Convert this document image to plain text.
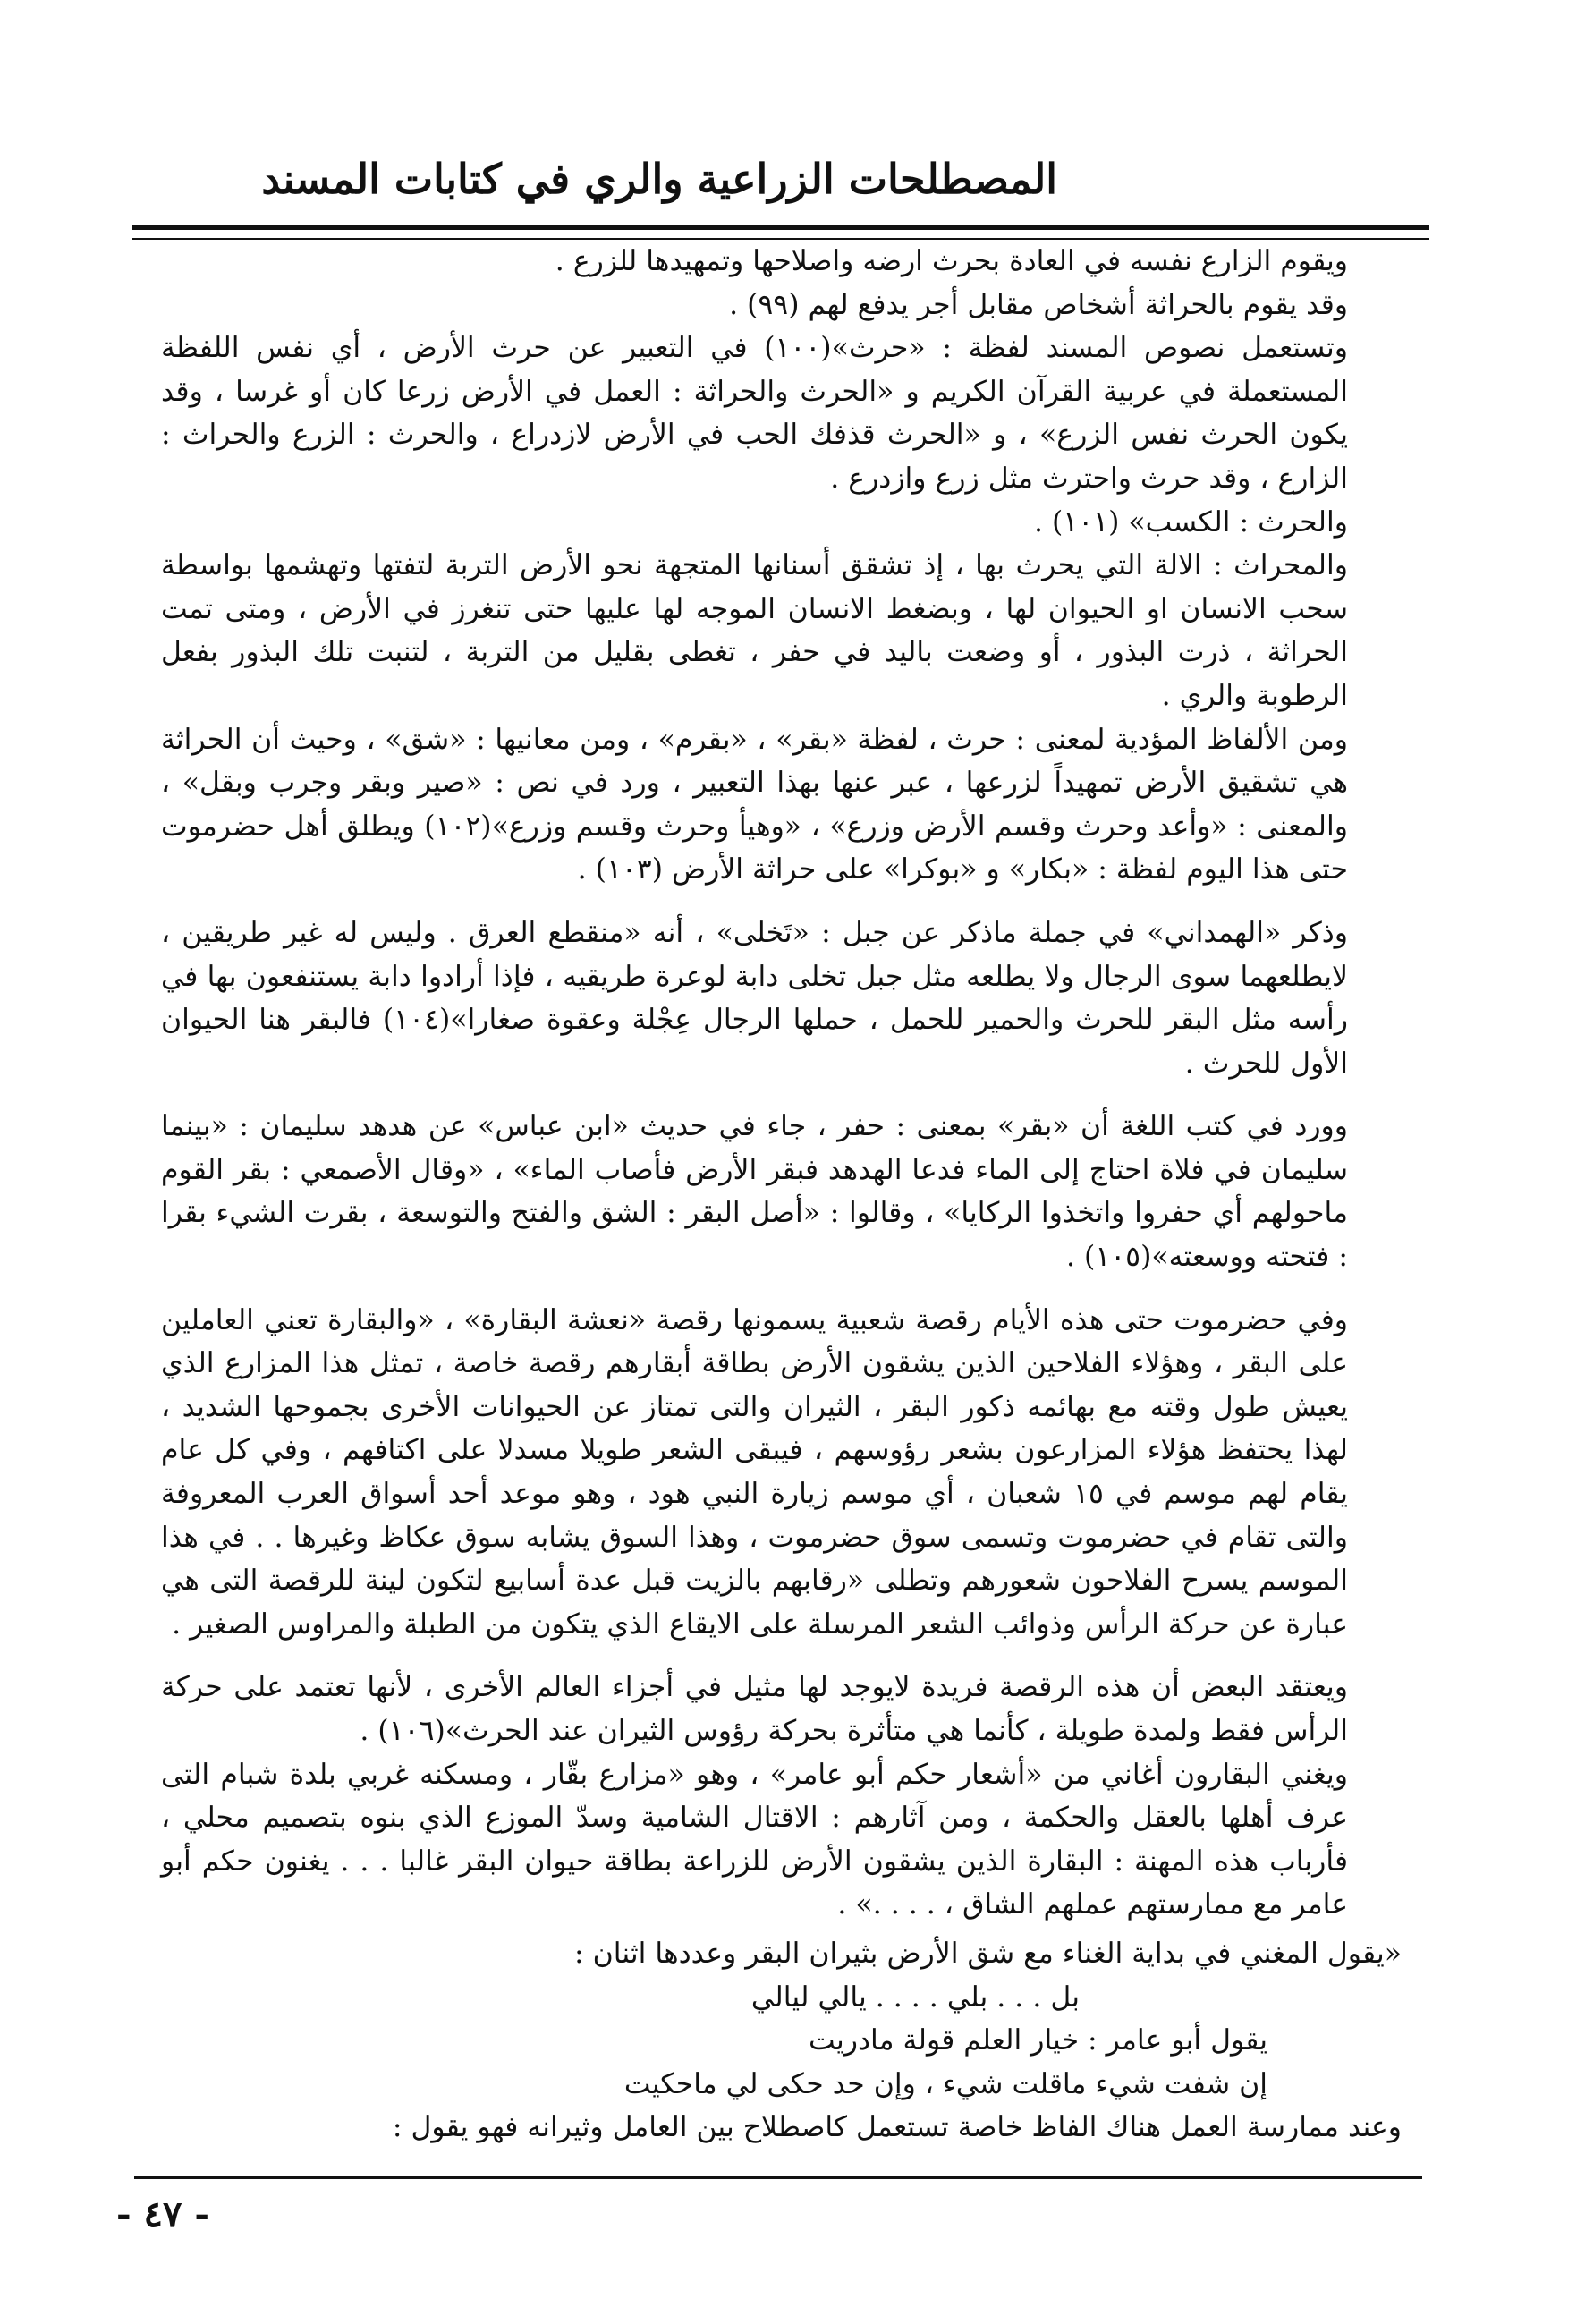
المصطلحات الزراعية والري في كتابات المسند

ويقوم الزارع نفسه في العادة بحرث ارضه واصلاحها وتمهيدها للزرع .

وقد يقوم بالحراثة أشخاص مقابل أجر يدفع لهم (٩٩) .

وتستعمل نصوص المسند لفظة : «حرث»(١٠٠) في التعبير عن حرث الأرض ، أي نفس اللفظة المستعملة في عربية القرآن الكريم و «الحرث والحراثة : العمل في الأرض زرعا كان أو غرسا ، وقد يكون الحرث نفس الزرع» ، و «الحرث قذفك الحب في الأرض لازدراع ، والحرث : الزرع والحراث : الزارع ، وقد حرث واحترث مثل زرع وازدرع .

والحرث : الكسب» (١٠١) .

والمحراث : الالة التي يحرث بها ، إذ تشقق أسنانها المتجهة نحو الأرض التربة لتفتها وتهشمها بواسطة سحب الانسان او الحيوان لها ، وبضغط الانسان الموجه لها عليها حتى تنغرز في الأرض ، ومتى تمت الحراثة ، ذرت البذور ، أو وضعت باليد في حفر ، تغطى بقليل من التربة ، لتنبت تلك البذور بفعل الرطوبة والري .

ومن الألفاظ المؤدية لمعنى : حرث ، لفظة «بقر» ، «بقرم» ، ومن معانيها : «شق» ، وحيث أن الحراثة هي تشقيق الأرض تمهيداً لزرعها ، عبر عنها بهذا التعبير ، ورد في نص : «صير وبقر وجرب وبقل» ، والمعنى : «وأعد وحرث وقسم الأرض وزرع» ، «وهيأ وحرث وقسم وزرع»(١٠٢) ويطلق أهل حضرموت حتى هذا اليوم لفظة : «بكار» و «بوكرا» على حراثة الأرض (١٠٣) .

وذكر «الهمداني» في جملة ماذكر عن جبل : «تَخلى» ، أنه «منقطع العرق . وليس له غير طريقين ، لايطلعهما سوى الرجال ولا يطلعه مثل جبل تخلى دابة لوعرة طريقيه ، فإذا أرادوا دابة يستنفعون بها في رأسه مثل البقر للحرث والحمير للحمل ، حملها الرجال عِجْلة وعقوة صغارا»(١٠٤) فالبقر هنا الحيوان الأول للحرث .

وورد في كتب اللغة أن «بقر» بمعنى : حفر ، جاء في حديث «ابن عباس» عن هدهد سليمان : «بينما سليمان في فلاة احتاج إلى الماء فدعا الهدهد فبقر الأرض فأصاب الماء» ، «وقال الأصمعي : بقر القوم ماحولهم أي حفروا واتخذوا الركايا» ، وقالوا : «أصل البقر : الشق والفتح والتوسعة ، بقرت الشيء بقرا : فتحته ووسعته»(١٠٥) .

وفي حضرموت حتى هذه الأيام رقصة شعبية يسمونها رقصة «نعشة البقارة» ، «والبقارة تعني العاملين على البقر ، وهؤلاء الفلاحين الذين يشقون الأرض بطاقة أبقارهم رقصة خاصة ، تمثل هذا المزارع الذي يعيش طول وقته مع بهائمه ذكور البقر ، الثيران والتى تمتاز عن الحيوانات الأخرى بجموحها الشديد ، لهذا يحتفظ هؤلاء المزارعون بشعر رؤوسهم ، فيبقى الشعر طويلا مسدلا على اكتافهم ، وفي كل عام يقام لهم موسم في ١٥ شعبان ، أي موسم زيارة النبي هود ، وهو موعد أحد أسواق العرب المعروفة والتى تقام في حضرموت وتسمى سوق حضرموت ، وهذا السوق يشابه سوق عكاظ وغيرها . . في هذا الموسم يسرح الفلاحون شعورهم وتطلى «رقابهم بالزيت قبل عدة أسابيع لتكون لينة للرقصة التى هي عبارة عن حركة الرأس وذوائب الشعر المرسلة على الايقاع الذي يتكون من الطبلة والمراوس الصغير .

ويعتقد البعض أن هذه الرقصة فريدة لايوجد لها مثيل في أجزاء العالم الأخرى ، لأنها تعتمد على حركة الرأس فقط ولمدة طويلة ، كأنما هي متأثرة بحركة رؤوس الثيران عند الحرث»(١٠٦) .

ويغني البقارون أغاني من «أشعار حكم أبو عامر» ، وهو «مزارع بقّار ، ومسكنه غربي بلدة شبام التى عرف أهلها بالعقل والحكمة ، ومن آثارهم : الاقتال الشامية وسدّ الموزع الذي بنوه بتصميم محلي ، فأرباب هذه المهنة : البقارة الذين يشقون الأرض للزراعة بطاقة حيوان البقر غالبا . . . يغنون حكم أبو عامر مع ممارستهم عملهم الشاق ، . . . .» .

«يقول المغني في بداية الغناء مع شق الأرض بثيران البقر وعددها اثنان :

بل . . . بلي . . . . يالي ليالي

يقول أبو عامر : خيار العلم قولة مادريت

إن شفت شيء ماقلت شيء ، وإن حد حكى لي ماحكيت

وعند ممارسة العمل هناك الفاظ خاصة تستعمل كاصطلاح بين العامل وثيرانه فهو يقول :

- ٤٧ -
